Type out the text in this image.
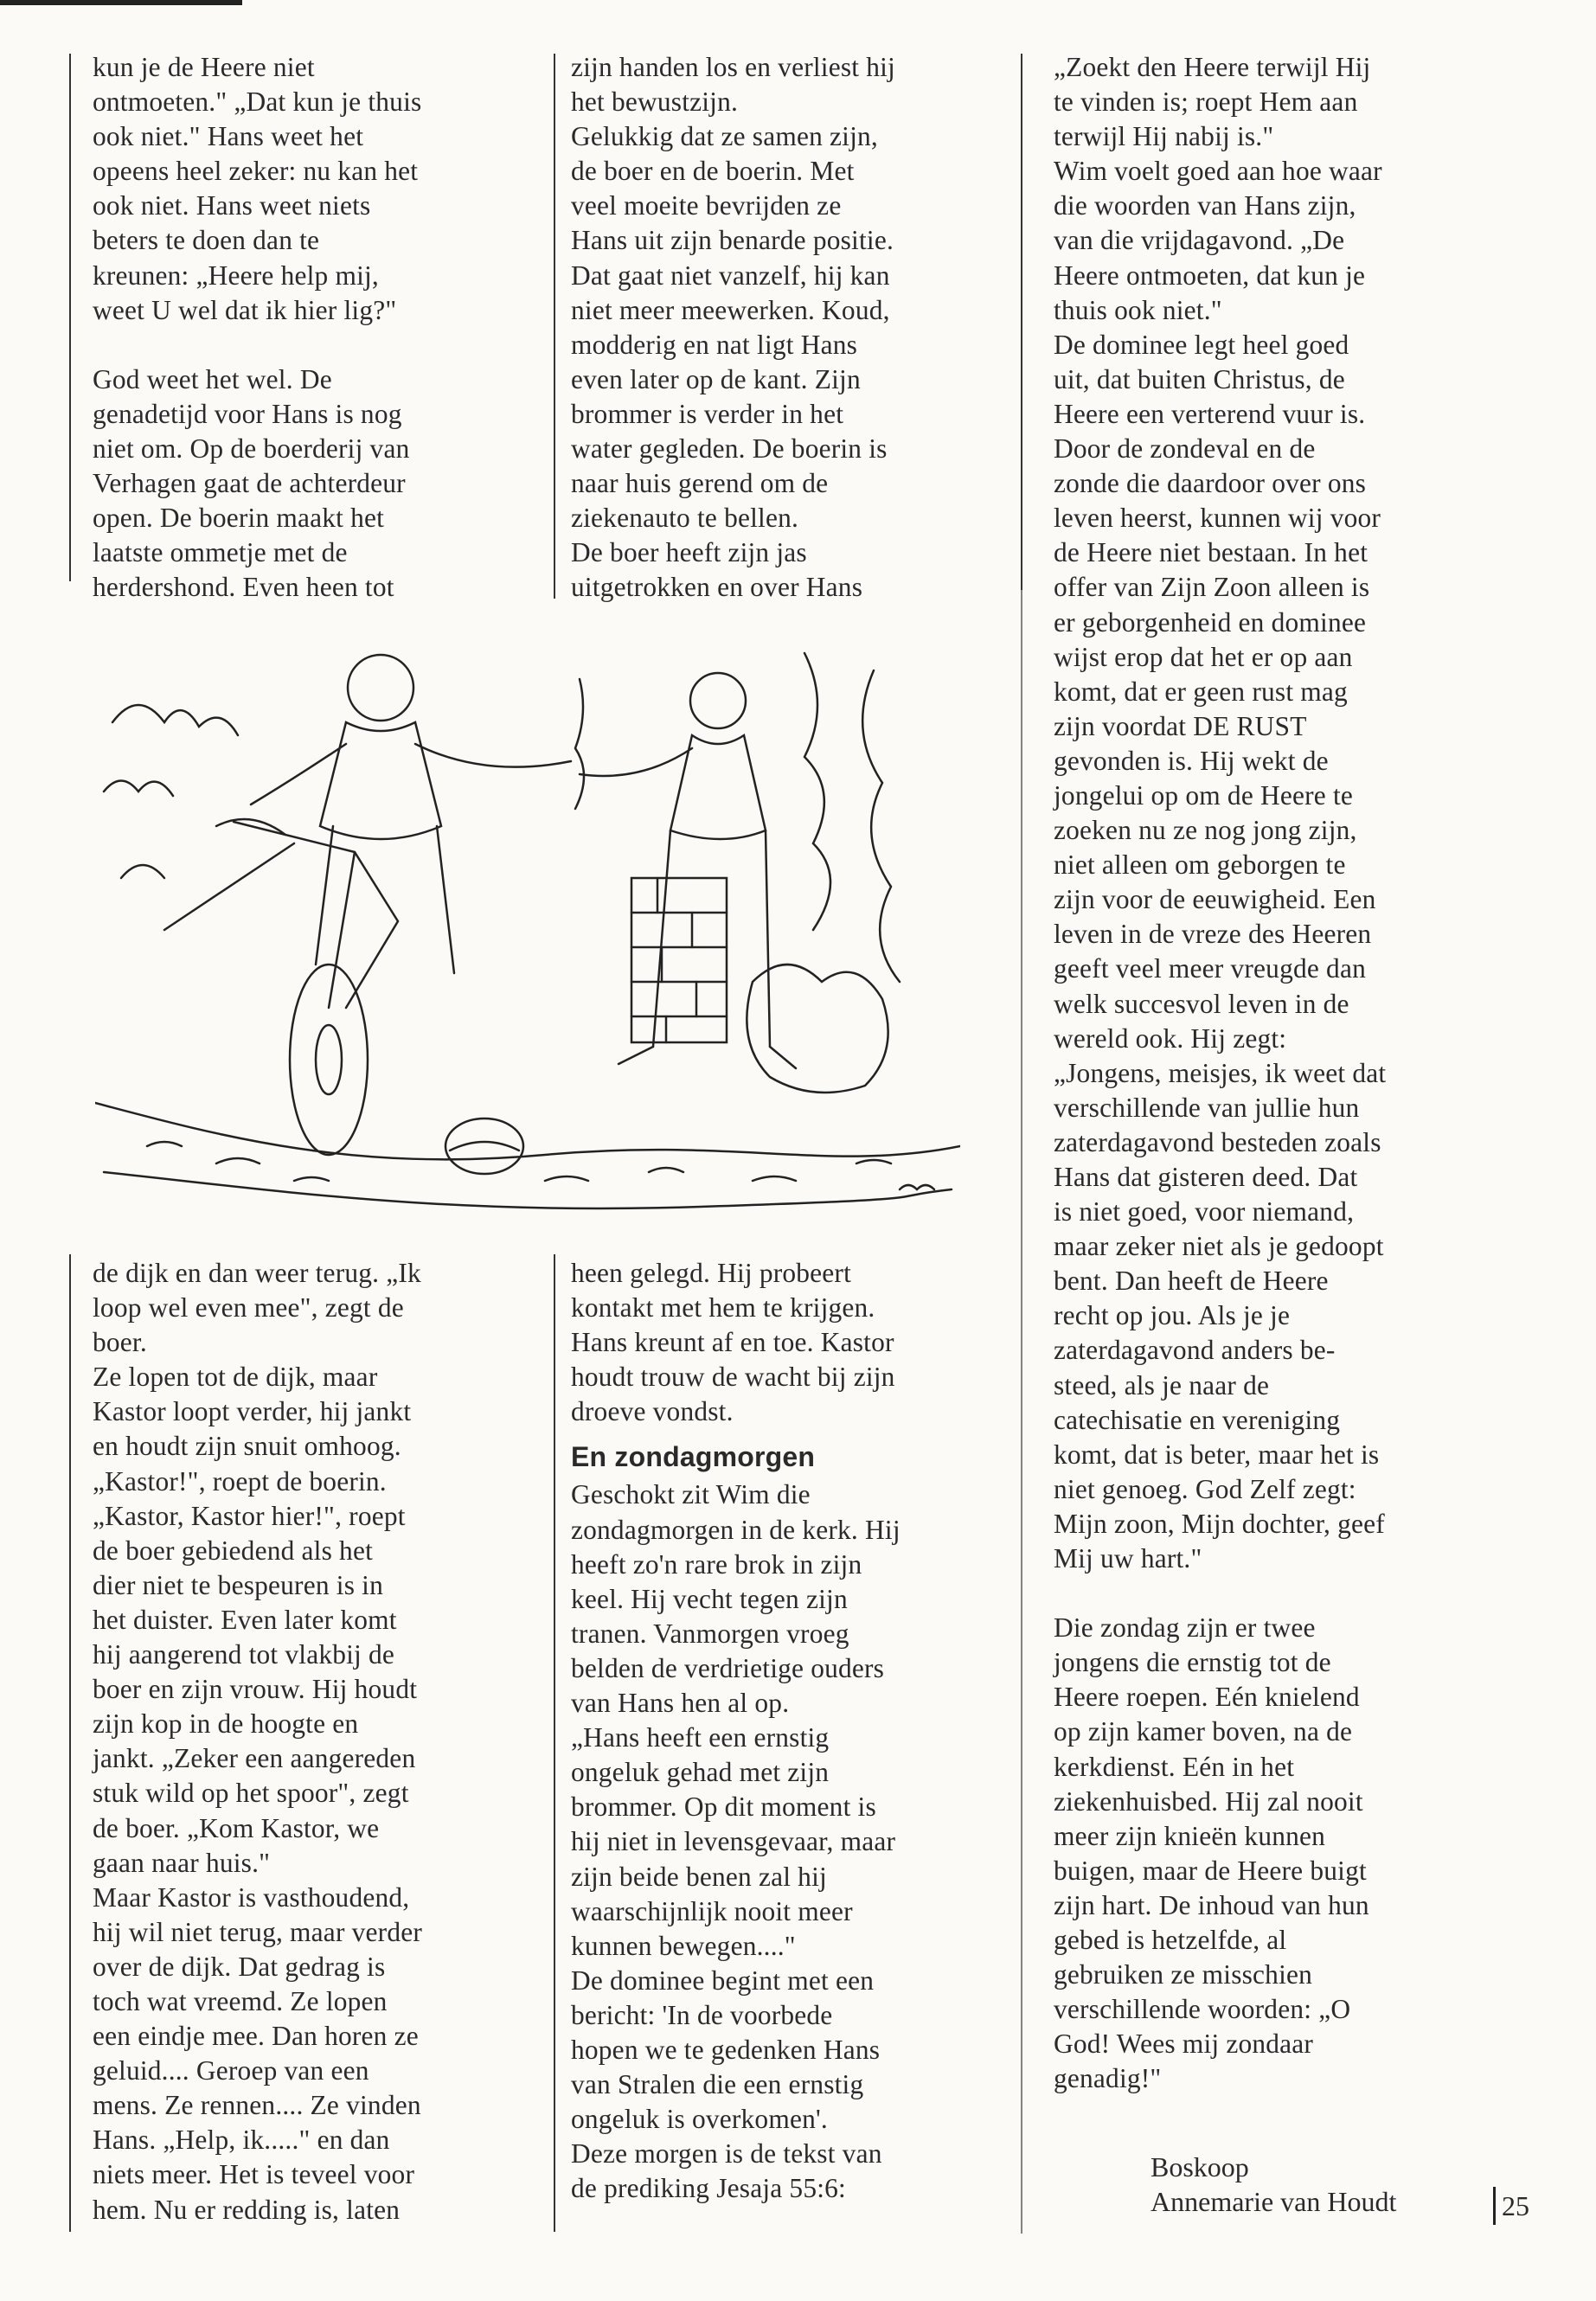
kun je de Heere niet
ontmoeten." „Dat kun je thuis
ook niet." Hans weet het
opeens heel zeker: nu kan het
ook niet. Hans weet niets
beters te doen dan te
kreunen: „Heere help mij,
weet U wel dat ik hier lig?"

God weet het wel. De
genadetijd voor Hans is nog
niet om. Op de boerderij van
Verhagen gaat de achterdeur
open. De boerin maakt het
laatste ommetje met de
herdershond. Even heen tot

zijn handen los en verliest hij
het bewustzijn.
Gelukkig dat ze samen zijn,
de boer en de boerin. Met
veel moeite bevrijden ze
Hans uit zijn benarde positie.
Dat gaat niet vanzelf, hij kan
niet meer meewerken. Koud,
modderig en nat ligt Hans
even later op de kant. Zijn
brommer is verder in het
water gegleden. De boerin is
naar huis gerend om de
ziekenauto te bellen.
De boer heeft zijn jas
uitgetrokken en over Hans

de dijk en dan weer terug. „Ik
loop wel even mee", zegt de
boer.
Ze lopen tot de dijk, maar
Kastor loopt verder, hij jankt
en houdt zijn snuit omhoog.
„Kastor!", roept de boerin.
„Kastor, Kastor hier!", roept
de boer gebiedend als het
dier niet te bespeuren is in
het duister. Even later komt
hij aangerend tot vlakbij de
boer en zijn vrouw. Hij houdt
zijn kop in de hoogte en
jankt. „Zeker een aangereden
stuk wild op het spoor", zegt
de boer. „Kom Kastor, we
gaan naar huis."
Maar Kastor is vasthoudend,
hij wil niet terug, maar verder
over de dijk. Dat gedrag is
toch wat vreemd. Ze lopen
een eindje mee. Dan horen ze
geluid.... Geroep van een
mens. Ze rennen.... Ze vinden
Hans. „Help, ik....." en dan
niets meer. Het is teveel voor
hem. Nu er redding is, laten

heen gelegd. Hij probeert
kontakt met hem te krijgen.
Hans kreunt af en toe. Kastor
houdt trouw de wacht bij zijn
droeve vondst.

En zondagmorgen

Geschokt zit Wim die
zondagmorgen in de kerk. Hij
heeft zo'n rare brok in zijn
keel. Hij vecht tegen zijn
tranen. Vanmorgen vroeg
belden de verdrietige ouders
van Hans hen al op.
„Hans heeft een ernstig
ongeluk gehad met zijn
brommer. Op dit moment is
hij niet in levensgevaar, maar
zijn beide benen zal hij
waarschijnlijk nooit meer
kunnen bewegen...."
De dominee begint met een
bericht: 'In de voorbede
hopen we te gedenken Hans
van Stralen die een ernstig
ongeluk is overkomen'.
Deze morgen is de tekst van
de prediking Jesaja 55:6:

„Zoekt den Heere terwijl Hij
te vinden is; roept Hem aan
terwijl Hij nabij is."
Wim voelt goed aan hoe waar
die woorden van Hans zijn,
van die vrijdagavond. „De
Heere ontmoeten, dat kun je
thuis ook niet."
De dominee legt heel goed
uit, dat buiten Christus, de
Heere een verterend vuur is.
Door de zondeval en de
zonde die daardoor over ons
leven heerst, kunnen wij voor
de Heere niet bestaan. In het
offer van Zijn Zoon alleen is
er geborgenheid en dominee
wijst erop dat het er op aan
komt, dat er geen rust mag
zijn voordat DE RUST
gevonden is. Hij wekt de
jongelui op om de Heere te
zoeken nu ze nog jong zijn,
niet alleen om geborgen te
zijn voor de eeuwigheid. Een
leven in de vreze des Heeren
geeft veel meer vreugde dan
welk succesvol leven in de
wereld ook. Hij zegt:
„Jongens, meisjes, ik weet dat
verschillende van jullie hun
zaterdagavond besteden zoals
Hans dat gisteren deed. Dat
is niet goed, voor niemand,
maar zeker niet als je gedoopt
bent. Dan heeft de Heere
recht op jou. Als je je
zaterdagavond anders be-
steed, als je naar de
catechisatie en vereniging
komt, dat is beter, maar het is
niet genoeg. God Zelf zegt:
Mijn zoon, Mijn dochter, geef
Mij uw hart."

Die zondag zijn er twee
jongens die ernstig tot de
Heere roepen. Eén knielend
op zijn kamer boven, na de
kerkdienst. Eén in het
ziekenhuisbed. Hij zal nooit
meer zijn knieën kunnen
buigen, maar de Heere buigt
zijn hart. De inhoud van hun
gebed is hetzelfde, al
gebruiken ze misschien
verschillende woorden: „O
God! Wees mij zondaar
genadig!"

Boskoop
Annemarie van Houdt	25
